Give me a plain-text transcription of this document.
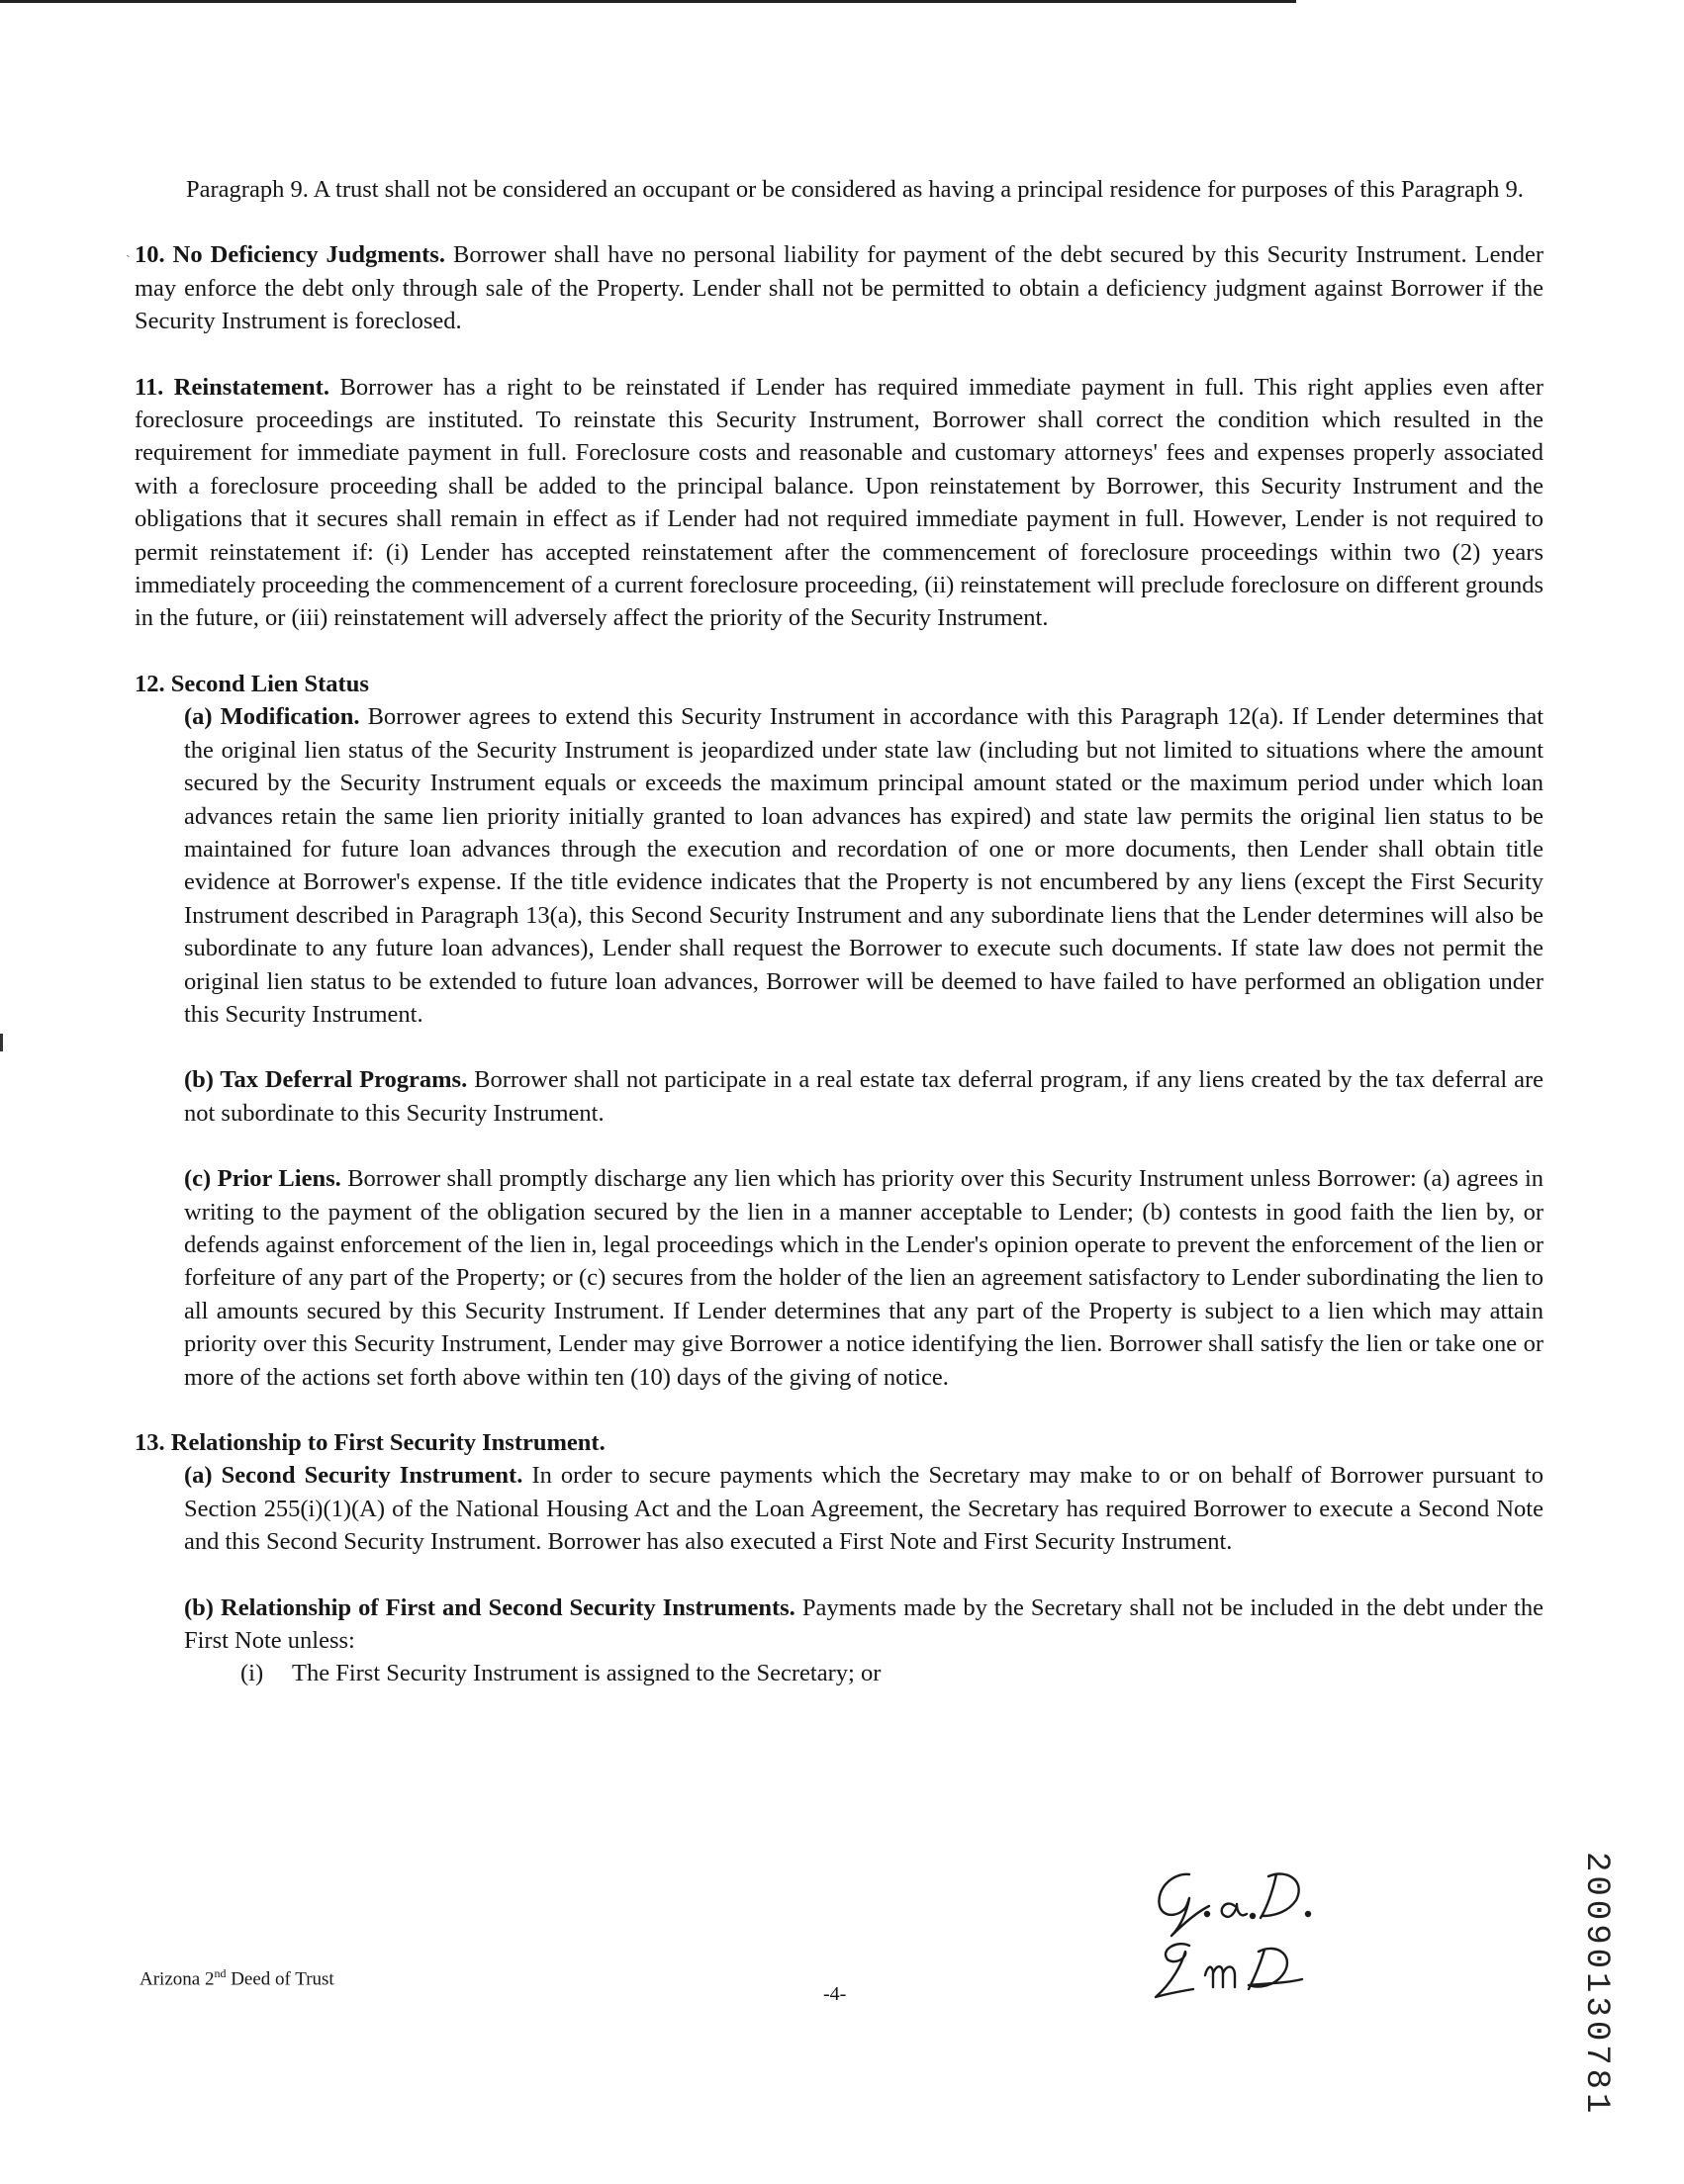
ˎ

Paragraph 9. A trust shall not be considered an occupant or be considered as having a principal residence for purposes of this Paragraph 9.

10. No Deficiency Judgments. Borrower shall have no personal liability for payment of the debt secured by this Security Instrument. Lender may enforce the debt only through sale of the Property. Lender shall not be permitted to obtain a deficiency judgment against Borrower if the Security Instrument is foreclosed.

11. Reinstatement. Borrower has a right to be reinstated if Lender has required immediate payment in full. This right applies even after foreclosure proceedings are instituted. To reinstate this Security Instrument, Borrower shall correct the condition which resulted in the requirement for immediate payment in full. Foreclosure costs and reasonable and customary attorneys' fees and expenses properly associated with a foreclosure proceeding shall be added to the principal balance. Upon reinstatement by Borrower, this Security Instrument and the obligations that it secures shall remain in effect as if Lender had not required immediate payment in full. However, Lender is not required to permit reinstatement if: (i) Lender has accepted reinstatement after the commencement of foreclosure proceedings within two (2) years immediately proceeding the commencement of a current foreclosure proceeding, (ii) reinstatement will preclude foreclosure on different grounds in the future, or (iii) reinstatement will adversely affect the priority of the Security Instrument.

12. Second Lien Status

(a) Modification. Borrower agrees to extend this Security Instrument in accordance with this Paragraph 12(a). If Lender determines that the original lien status of the Security Instrument is jeopardized under state law (including but not limited to situations where the amount secured by the Security Instrument equals or exceeds the maximum principal amount stated or the maximum period under which loan advances retain the same lien priority initially granted to loan advances has expired) and state law permits the original lien status to be maintained for future loan advances through the execution and recordation of one or more documents, then Lender shall obtain title evidence at Borrower's expense. If the title evidence indicates that the Property is not encumbered by any liens (except the First Security Instrument described in Paragraph 13(a), this Second Security Instrument and any subordinate liens that the Lender determines will also be subordinate to any future loan advances), Lender shall request the Borrower to execute such documents. If state law does not permit the original lien status to be extended to future loan advances, Borrower will be deemed to have failed to have performed an obligation under this Security Instrument.

(b) Tax Deferral Programs. Borrower shall not participate in a real estate tax deferral program, if any liens created by the tax deferral are not subordinate to this Security Instrument.

(c) Prior Liens. Borrower shall promptly discharge any lien which has priority over this Security Instrument unless Borrower: (a) agrees in writing to the payment of the obligation secured by the lien in a manner acceptable to Lender; (b) contests in good faith the lien by, or defends against enforcement of the lien in, legal proceedings which in the Lender's opinion operate to prevent the enforcement of the lien or forfeiture of any part of the Property; or (c) secures from the holder of the lien an agreement satisfactory to Lender subordinating the lien to all amounts secured by this Security Instrument. If Lender determines that any part of the Property is subject to a lien which may attain priority over this Security Instrument, Lender may give Borrower a notice identifying the lien. Borrower shall satisfy the lien or take one or more of the actions set forth above within ten (10) days of the giving of notice.

13. Relationship to First Security Instrument.

(a) Second Security Instrument. In order to secure payments which the Secretary may make to or on behalf of Borrower pursuant to Section 255(i)(1)(A) of the National Housing Act and the Loan Agreement, the Secretary has required Borrower to execute a Second Note and this Second Security Instrument. Borrower has also executed a First Note and First Security Instrument.

(b) Relationship of First and Second Security Instruments. Payments made by the Secretary shall not be included in the debt under the First Note unless:

(i) The First Security Instrument is assigned to the Secretary; or

Arizona 2nd Deed of Trust
-4-	20090130781
